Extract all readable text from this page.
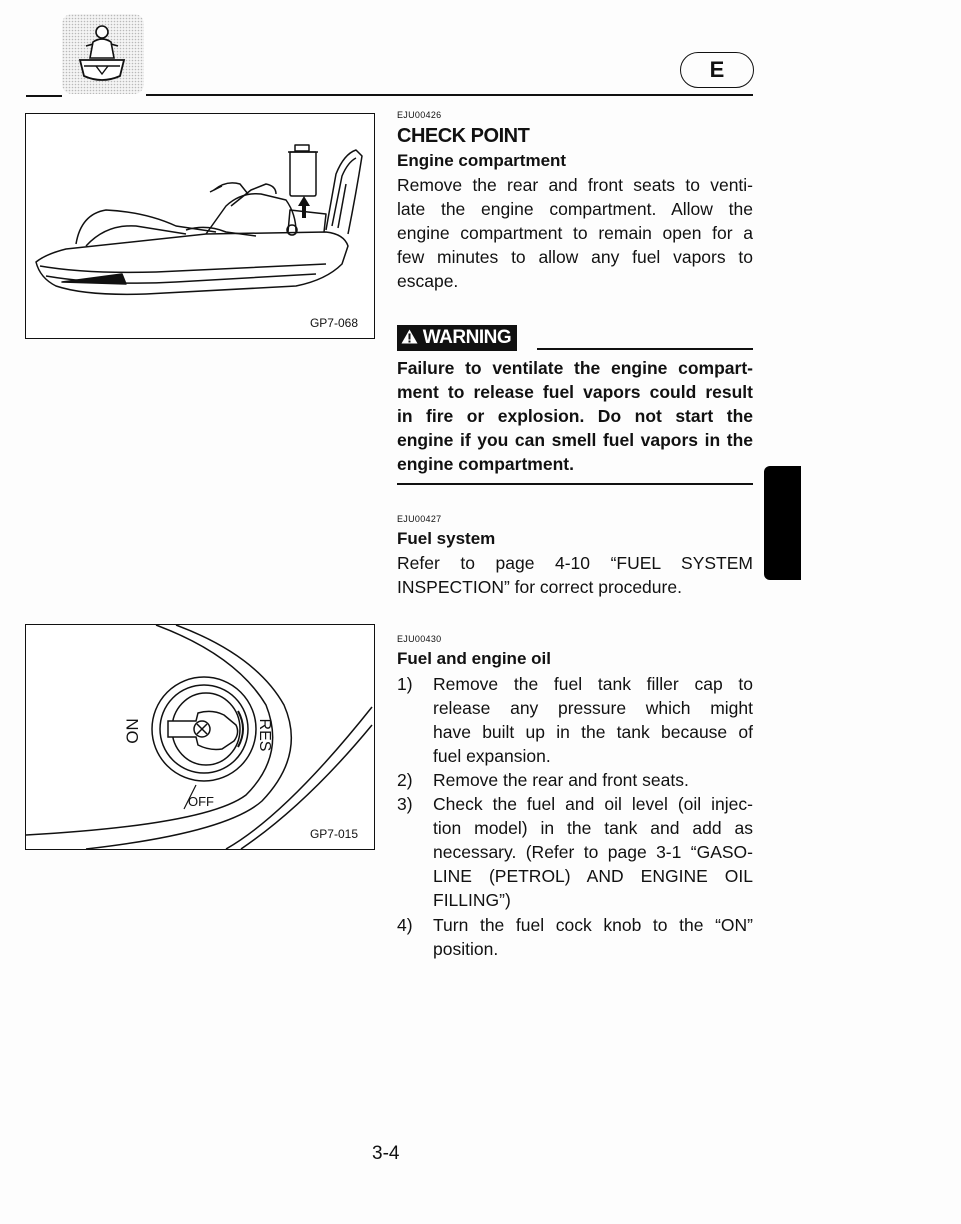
E
GP7-068
ON	RES
OFF
GP7-015
EJU00426
CHECK POINT
Engine compartment
Remove the rear and front seats to venti-
late the engine compartment. Allow the
engine compartment to remain open for a
few minutes to allow any fuel vapors to
escape.
WARNING
Failure to ventilate the engine compart-
ment to release fuel vapors could result
in fire or explosion. Do not start the
engine if you can smell fuel vapors in the
engine compartment.
EJU00427
Fuel system
Refer to page 4-10 “FUEL SYSTEM
INSPECTION” for correct procedure.
EJU00430
Fuel and engine oil
1) Remove the fuel tank filler cap to
release any pressure which might
have built up in the tank because of
fuel expansion.
2) Remove the rear and front seats.
3) Check the fuel and oil level (oil injec-
tion model) in the tank and add as
necessary. (Refer to page 3-1 “GASO-
LINE (PETROL) AND ENGINE OIL
FILLING”)
4) Turn the fuel cock knob to the “ON”
position.
3-4
